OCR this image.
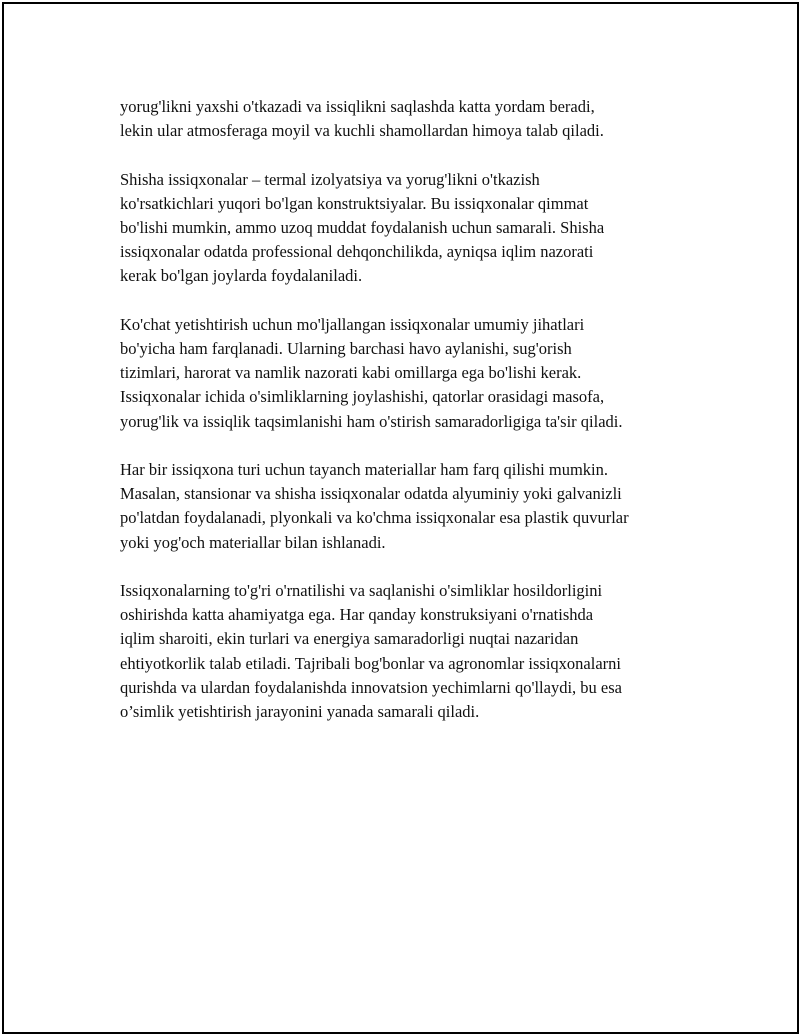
yorug'likni yaxshi o'tkazadi va issiqlikni saqlashda katta yordam beradi,
lekin ular atmosferaga moyil va kuchli shamollardan himoya talab qiladi.

Shisha issiqxonalar – termal izolyatsiya va yorug'likni o'tkazish
ko'rsatkichlari yuqori bo'lgan konstruktsiyalar. Bu issiqxonalar qimmat
bo'lishi mumkin, ammo uzoq muddat foydalanish uchun samarali. Shisha
issiqxonalar odatda professional dehqonchilikda, ayniqsa iqlim nazorati
kerak bo'lgan joylarda foydalaniladi.

Ko'chat yetishtirish uchun mo'ljallangan issiqxonalar umumiy jihatlari
bo'yicha ham farqlanadi. Ularning barchasi havo aylanishi, sug'orish
tizimlari, harorat va namlik nazorati kabi omillarga ega bo'lishi kerak.
Issiqxonalar ichida o'simliklarning joylashishi, qatorlar orasidagi masofa,
yorug'lik va issiqlik taqsimlanishi ham o'stirish samaradorligiga ta'sir qiladi.

Har bir issiqxona turi uchun tayanch materiallar ham farq qilishi mumkin.
Masalan, stansionar va shisha issiqxonalar odatda alyuminiy yoki galvanizli
po'latdan foydalanadi, plyonkali va ko'chma issiqxonalar esa plastik quvurlar
yoki yog'och materiallar bilan ishlanadi.

Issiqxonalarning to'g'ri o'rnatilishi va saqlanishi o'simliklar hosildorligini
oshirishda katta ahamiyatga ega. Har qanday konstruksiyani o'rnatishda
iqlim sharoiti, ekin turlari va energiya samaradorligi nuqtai nazaridan
ehtiyotkorlik talab etiladi. Tajribali bog'bonlar va agronomlar issiqxonalarni
qurishda va ulardan foydalanishda innovatsion yechimlarni qo'llaydi, bu esa
o’simlik yetishtirish jarayonini yanada samarali qiladi.
